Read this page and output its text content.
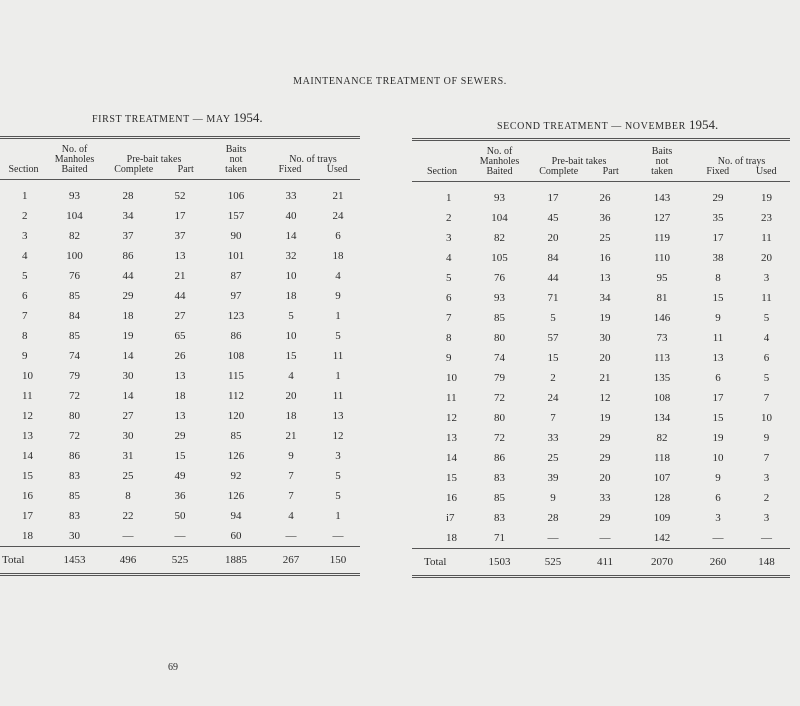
MAINTENANCE TREATMENT OF SEWERS.
FIRST TREATMENT — MAY 1954.
SECOND TREATMENT — NOVEMBER 1954.
Section	No. of
Manholes
Baited	Pre-bait takes
Complete Part		Baits
not
taken	No. of trays
Fixed Used	

1	93	28	52	106	33	21
2	104	34	17	157	40	24
3	82	37	37	90	14	6
4	100	86	13	101	32	18
5	76	44	21	87	10	4
6	85	29	44	97	18	9
7	84	18	27	123	5	1
8	85	19	65	86	10	5
9	74	14	26	108	15	11
10	79	30	13	115	4	1
11	72	14	18	112	20	11
12	80	27	13	120	18	13
13	72	30	29	85	21	12
14	86	31	15	126	9	3
15	83	25	49	92	7	5
16	85	8	36	126	7	5
17	83	22	50	94	4	1
18	30	—	—	60	—	—
Total	1453	496	525	1885	267	150
Section	No. of
Manholes
Baited	Pre-bait takes
Complete Part		Baits
not
taken	No. of trays
Fixed Used	

1	93	17	26	143	29	19
2	104	45	36	127	35	23
3	82	20	25	119	17	11
4	105	84	16	110	38	20
5	76	44	13	95	8	3
6	93	71	34	81	15	11
7	85	5	19	146	9	5
8	80	57	30	73	11	4
9	74	15	20	113	13	6
10	79	2	21	135	6	5
11	72	24	12	108	17	7
12	80	7	19	134	15	10
13	72	33	29	82	19	9
14	86	25	29	118	10	7
15	83	39	20	107	9	3
16	85	9	33	128	6	2
i7	83	28	29	109	3	3
18	71	—	—	142	—	—
Total	1503	525	411	2070	260	148
69
